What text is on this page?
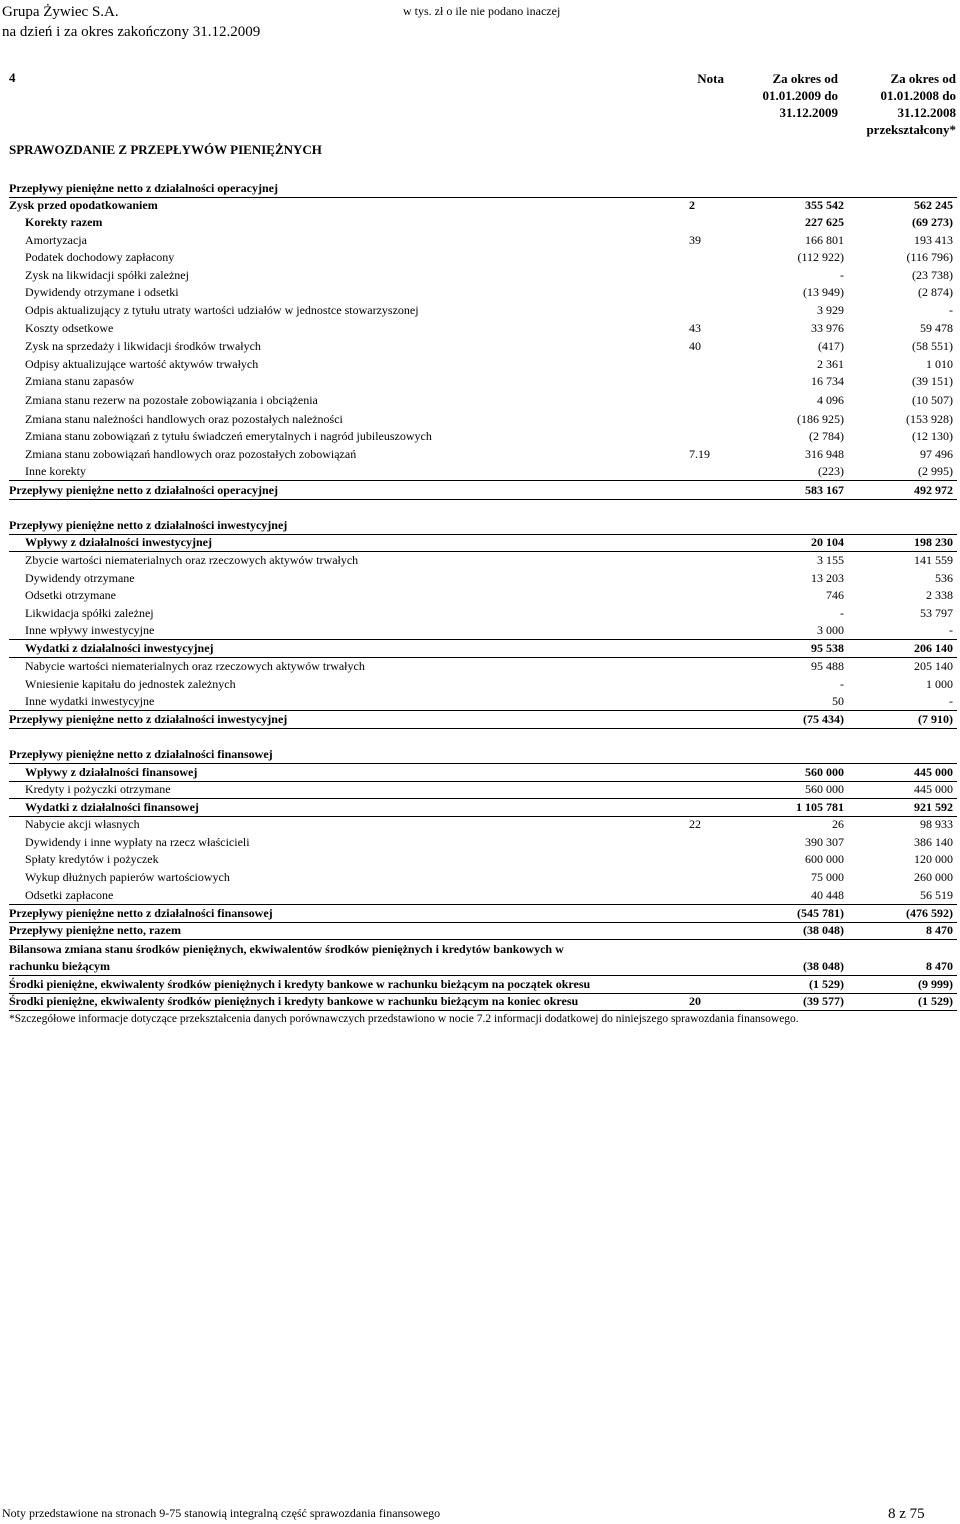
Grupa Żywiec S.A.
na dzień i za okres zakończony 31.12.2009
w tys. zł o ile nie podano inaczej
4	Nota	Za okres od
01.01.2009 do
31.12.2009
Za okres od
01.01.2008 do
31.12.2008
przekształcony*
SPRAWOZDANIE Z PRZEPŁYWÓW PIENIĘŻNYCH
Przepływy pieniężne netto z działalności operacyjnej
Zysk przed opodatkowaniem	2	355 542	562 245
Korekty razem	227 625	(69 273)
Amortyzacja	39	166 801	193 413
Podatek dochodowy zapłacony	(112 922)	(116 796)
Zysk na likwidacji spółki zależnej	-	(23 738)
Dywidendy otrzymane i odsetki	(13 949)	(2 874)
Odpis aktualizujący z tytułu utraty wartości udziałów w jednostce stowarzyszonej	3 929	-
Koszty odsetkowe	43	33 976	59 478
Zysk na sprzedaży i likwidacji środków trwałych	40	(417)	(58 551)
Odpisy aktualizujące wartość aktywów trwałych	2 361	1 010
Zmiana stanu zapasów	16 734	(39 151)
Zmiana stanu rezerw na pozostałe zobowiązania i obciążenia	4 096	(10 507)
Zmiana stanu należności handlowych oraz pozostałych należności	(186 925)	(153 928)
Zmiana stanu zobowiązań z tytułu świadczeń emerytalnych i nagród jubileuszowych	(2 784)	(12 130)
Zmiana stanu zobowiązań handlowych oraz pozostałych zobowiązań	7.19	316 948	97 496
Inne korekty	(223)	(2 995)
Przepływy pieniężne netto z działalności operacyjnej	583 167	492 972
Przepływy pieniężne netto z działalności inwestycyjnej
Wpływy z działalności inwestycyjnej	20 104	198 230
Zbycie wartości niematerialnych oraz rzeczowych aktywów trwałych	3 155	141 559
Dywidendy otrzymane	13 203	536
Odsetki otrzymane	746	2 338
Likwidacja spółki zależnej	-	53 797
Inne wpływy inwestycyjne	3 000	-
Wydatki z działalności inwestycyjnej	95 538	206 140
Nabycie wartości niematerialnych oraz rzeczowych aktywów trwałych	95 488	205 140
Wniesienie kapitału do jednostek zależnych	-	1 000
Inne wydatki inwestycyjne	50	-
Przepływy pieniężne netto z działalności inwestycyjnej	(75 434)	(7 910)
Przepływy pieniężne netto z działalności finansowej
Wpływy z działalności finansowej	560 000	445 000
Kredyty i pożyczki otrzymane	560 000	445 000
Wydatki z działalności finansowej	1 105 781	921 592
Nabycie akcji własnych	22	26	98 933
Dywidendy i inne wypłaty na rzecz właścicieli	390 307	386 140
Spłaty kredytów i pożyczek	600 000	120 000
Wykup dłużnych papierów wartościowych	75 000	260 000
Odsetki zapłacone	40 448	56 519
Przepływy pieniężne netto z działalności finansowej	(545 781)	(476 592)
Przepływy pieniężne netto, razem	(38 048)	8 470
Bilansowa zmiana stanu środków pieniężnych, ekwiwalentów środków pieniężnych i kredytów bankowych w
rachunku bieżącym	(38 048)	8 470
Środki pieniężne, ekwiwalenty środków pieniężnych i kredyty bankowe w rachunku bieżącym na początek okresu	(1 529)	(9 999)
Środki pieniężne, ekwiwalenty środków pieniężnych i kredyty bankowe w rachunku bieżącym na koniec okresu	20	(39 577)	(1 529)
*Szczegółowe informacje dotyczące przekształcenia danych porównawczych przedstawiono w nocie 7.2 informacji dodatkowej do niniejszego sprawozdania finansowego.
Noty przedstawione na stronach 9-75 stanowią integralną część sprawozdania finansowego	8 z 75
